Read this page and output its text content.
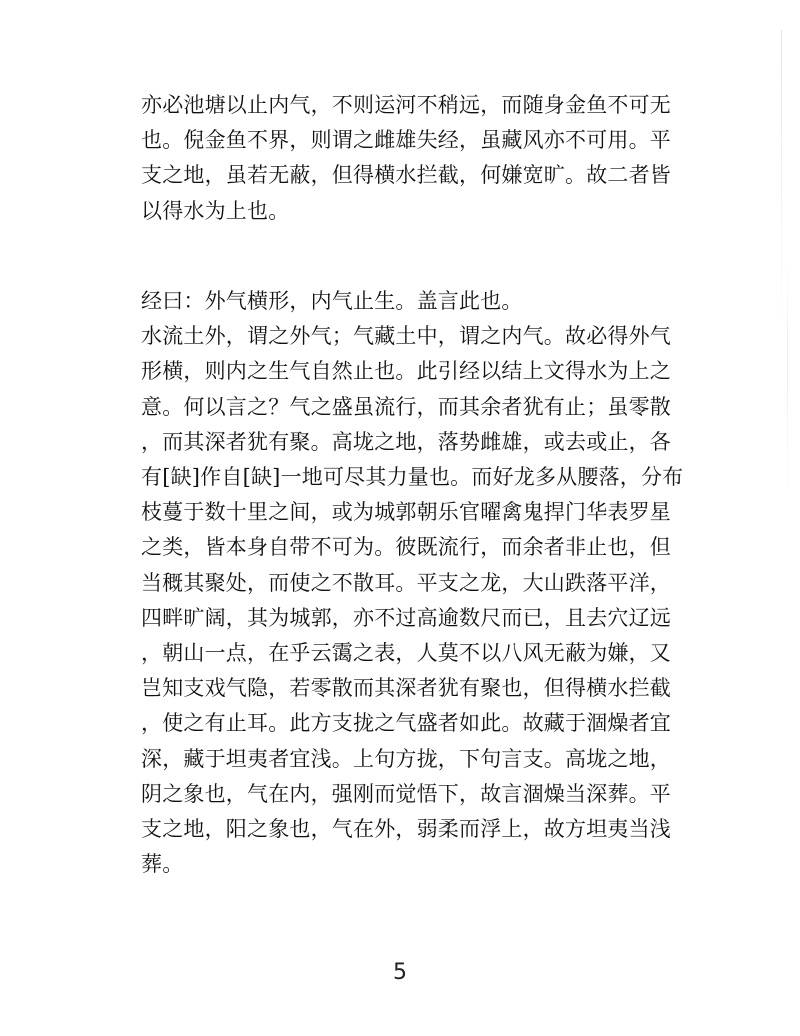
亦必池塘以止内气，不则运河不稍远，而随身金鱼不可无
也。倪金鱼不界，则谓之雌雄失经，虽藏风亦不可用。平
支之地，虽若无蔽，但得横水拦截，何嫌宽旷。故二者皆
以得水为上也。

经曰：外气横形，内气止生。盖言此也。
水流土外，谓之外气；气藏土中，谓之内气。故必得外气
形横，则内之生气自然止也。此引经以结上文得水为上之
意。何以言之？气之盛虽流行，而其余者犹有止；虽零散
，而其深者犹有聚。高垅之地，落势雌雄，或去或止，各
有[缺]作自[缺]一地可尽其力量也。而好龙多从腰落，分布
枝蔓于数十里之间，或为城郭朝乐官曜禽鬼捍门华表罗星
之类，皆本身自带不可为。彼既流行，而余者非止也，但
当穊其聚处，而使之不散耳。平支之龙，大山跌落平洋，
四畔旷阔，其为城郭，亦不过高逾数尺而已，且去穴辽远
，朝山一点，在乎云霭之表，人莫不以八风无蔽为嫌，又
岂知支戏气隐，若零散而其深者犹有聚也，但得横水拦截
，使之有止耳。此方支拢之气盛者如此。故藏于涸燥者宜
深，藏于坦夷者宜浅。上句方拢，下句言支。高垅之地，
阴之象也，气在内，强刚而觉悟下，故言涸燥当深葬。平
支之地，阳之象也，气在外，弱柔而浮上，故方坦夷当浅
葬。

5
